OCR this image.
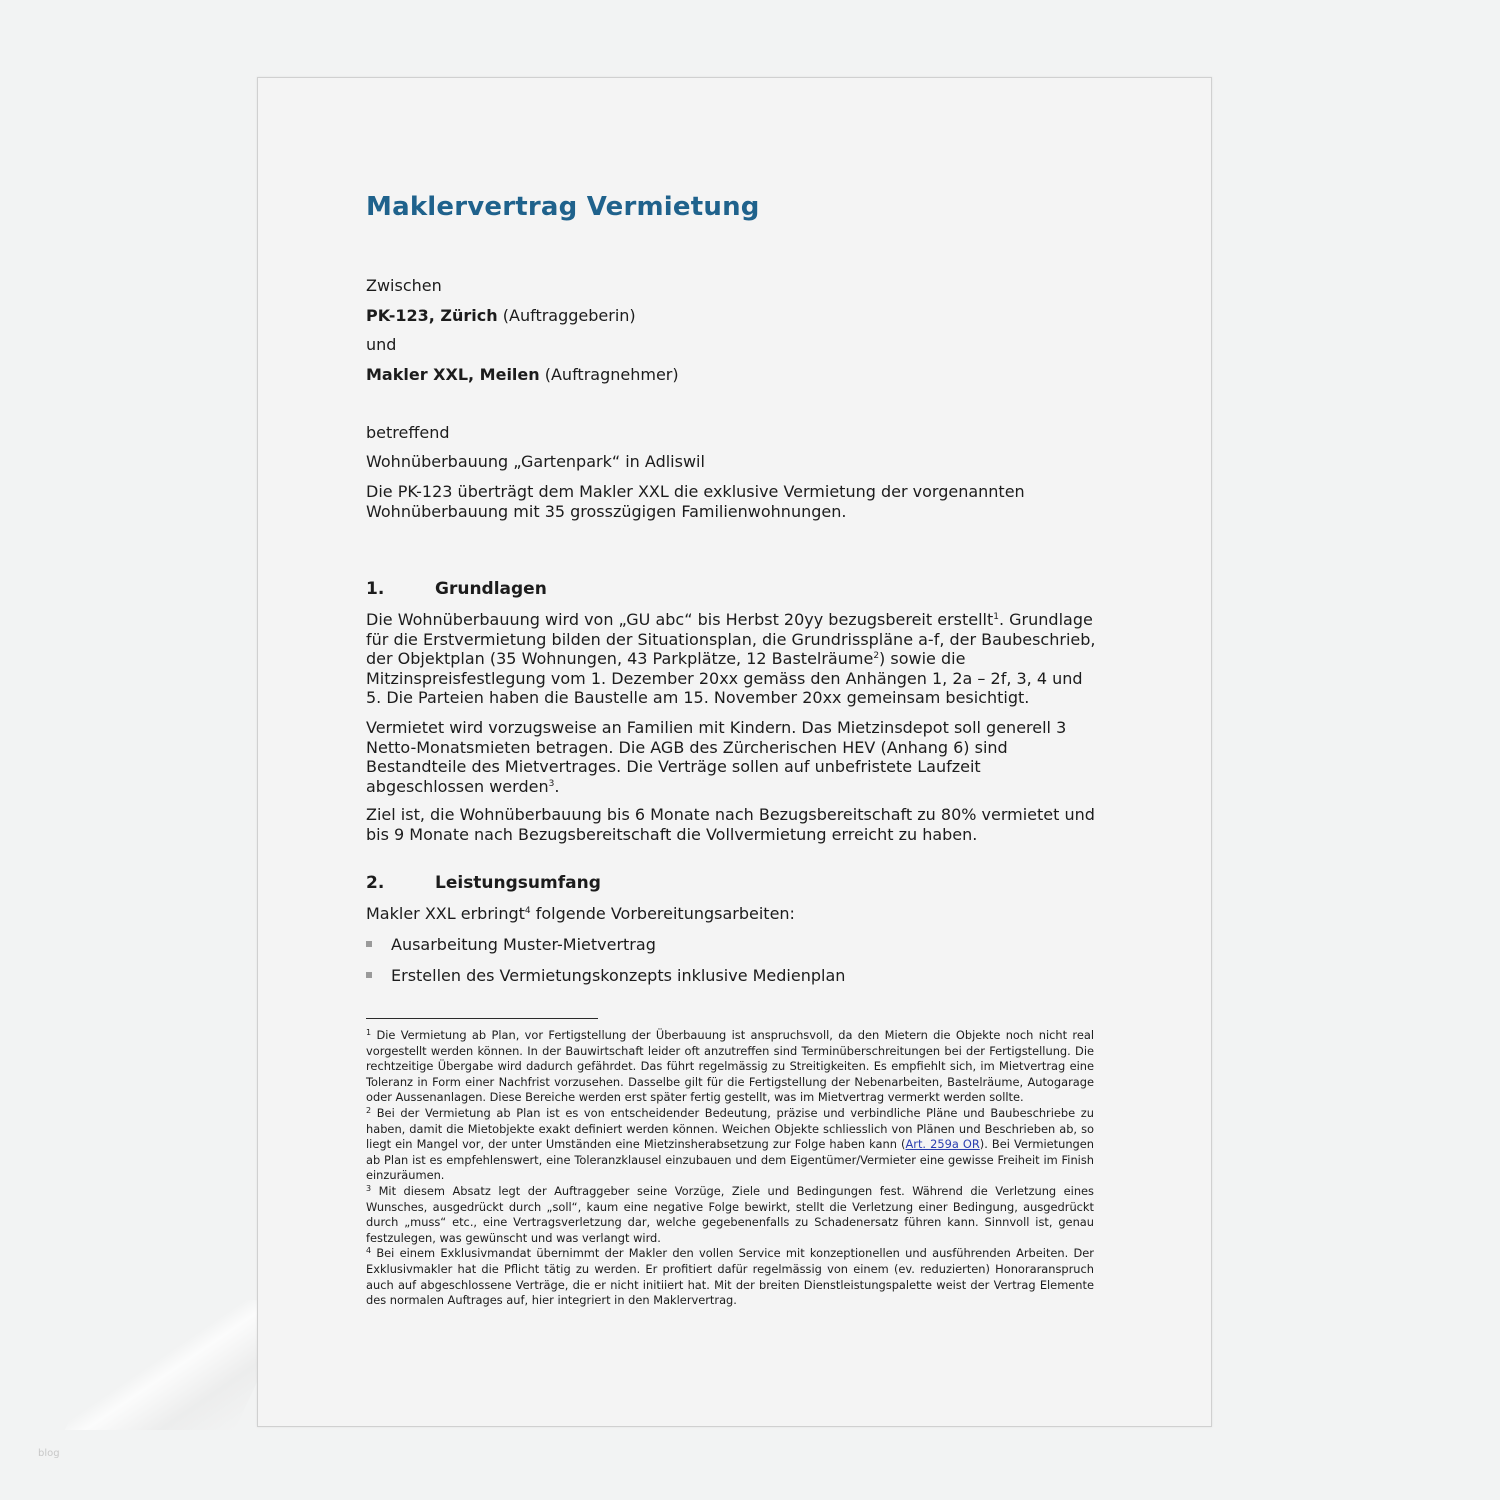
Maklervertrag Vermietung
Zwischen
PK-123, Zürich (Auftraggeberin)
und
Makler XXL, Meilen (Auftragnehmer)
betreffend
Wohnüberbauung „Gartenpark“ in Adliswil

Die PK-123 überträgt dem Makler XXL die exklusive Vermietung der vorgenannten Wohnüberbauung mit 35 grosszügigen Familienwohnungen.

1.	Grundlagen

Die Wohnüberbauung wird von „GU abc“ bis Herbst 20yy bezugsbereit erstellt$^1$. Grundlage für die Erstvermietung bilden der Situationsplan, die Grundrisspläne a-f, der Baubeschrieb, der Objektplan (35 Wohnungen, 43 Parkplätze, 12 Bastelräume$^2$) sowie die Mitzinspreisfestlegung vom 1. Dezember 20xx gemäss den Anhängen 1, 2a – 2f, 3, 4 und 5. Die Parteien haben die Baustelle am 15. November 20xx gemeinsam besichtigt.

Vermietet wird vorzugsweise an Familien mit Kindern. Das Mietzinsdepot soll generell 3 Netto-Monatsmieten betragen. Die AGB des Zürcherischen HEV (Anhang 6) sind Bestandteile des Mietvertrages. Die Verträge sollen auf unbefristete Laufzeit abgeschlossen werden$^3$.

Ziel ist, die Wohnüberbauung bis 6 Monate nach Bezugsbereitschaft zu 80% vermietet und bis 9 Monate nach Bezugsbereitschaft die Vollvermietung erreicht zu haben.

2.	Leistungsumfang
Makler XXL erbringt$^4$ folgende Vorbereitungsarbeiten:
Ausarbeitung Muster-Mietvertrag
Erstellen des Vermietungskonzepts inklusive Medienplan

$^1$ Die Vermietung ab Plan, vor Fertigstellung der Überbauung ist anspruchsvoll, da den Mietern die Objekte noch nicht real vorgestellt werden können. In der Bauwirtschaft leider oft anzutreffen sind Terminüberschreitungen bei der Fertigstellung. Die rechtzeitige Übergabe wird dadurch gefährdet. Das führt regelmässig zu Streitigkeiten. Es empfiehlt sich, im Mietvertrag eine Toleranz in Form einer Nachfrist vorzusehen. Dasselbe gilt für die Fertigstellung der Nebenarbeiten, Bastelräume, Autogarage oder Aussenanlagen. Diese Bereiche werden erst später fertig gestellt, was im Mietvertrag vermerkt werden sollte.

$^2$ Bei der Vermietung ab Plan ist es von entscheidender Bedeutung, präzise und verbindliche Pläne und Baubeschriebe zu haben, damit die Mietobjekte exakt definiert werden können. Weichen Objekte schliesslich von Plänen und Beschrieben ab, so liegt ein Mangel vor, der unter Umständen eine Mietzinsherabsetzung zur Folge haben kann (Art. 259a OR). Bei Vermietungen ab Plan ist es empfehlenswert, eine Toleranzklausel einzubauen und dem Eigentümer/Vermieter eine gewisse Freiheit im Finish einzuräumen.

$^3$ Mit diesem Absatz legt der Auftraggeber seine Vorzüge, Ziele und Bedingungen fest. Während die Verletzung eines Wunsches, ausgedrückt durch „soll“, kaum eine negative Folge bewirkt, stellt die Verletzung einer Bedingung, ausgedrückt durch „muss“ etc., eine Vertragsverletzung dar, welche gegebenenfalls zu Schadenersatz führen kann. Sinnvoll ist, genau festzulegen, was gewünscht und was verlangt wird.

$^4$ Bei einem Exklusivmandat übernimmt der Makler den vollen Service mit konzeptionellen und ausführenden Arbeiten. Der Exklusivmakler hat die Pflicht tätig zu werden. Er profitiert dafür regelmässig von einem (ev. reduzierten) Honoraranspruch auch auf abgeschlossene Verträge, die er nicht initiiert hat. Mit der breiten Dienstleistungspalette weist der Vertrag Elemente des normalen Auftrages auf, hier integriert in den Maklervertrag.

blog
